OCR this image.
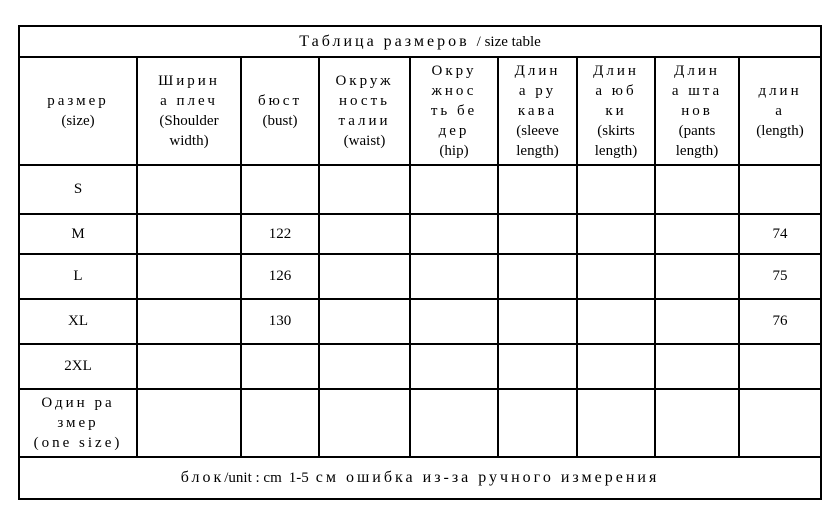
Таблица размеров / size table								
размер
(size)	Ширин
а плеч
(Shoulder
width)	бюст
(bust)	Окруж
ность
талии
(waist)	Окру
жнос
ть бе
дер
(hip)	Длин
а ру
кава
(sleeve
length)	Длин
а юб
ки
(skirts
length)	Длин
а шта
нов
(pants
length)	длин
а
(length)
S								
M		122						74
L		126						75
XL		130						76
2XL								
Один ра
змер
(one size)								
блок/unit : cm 1-5 см ошибка из-за ручного измерения								
